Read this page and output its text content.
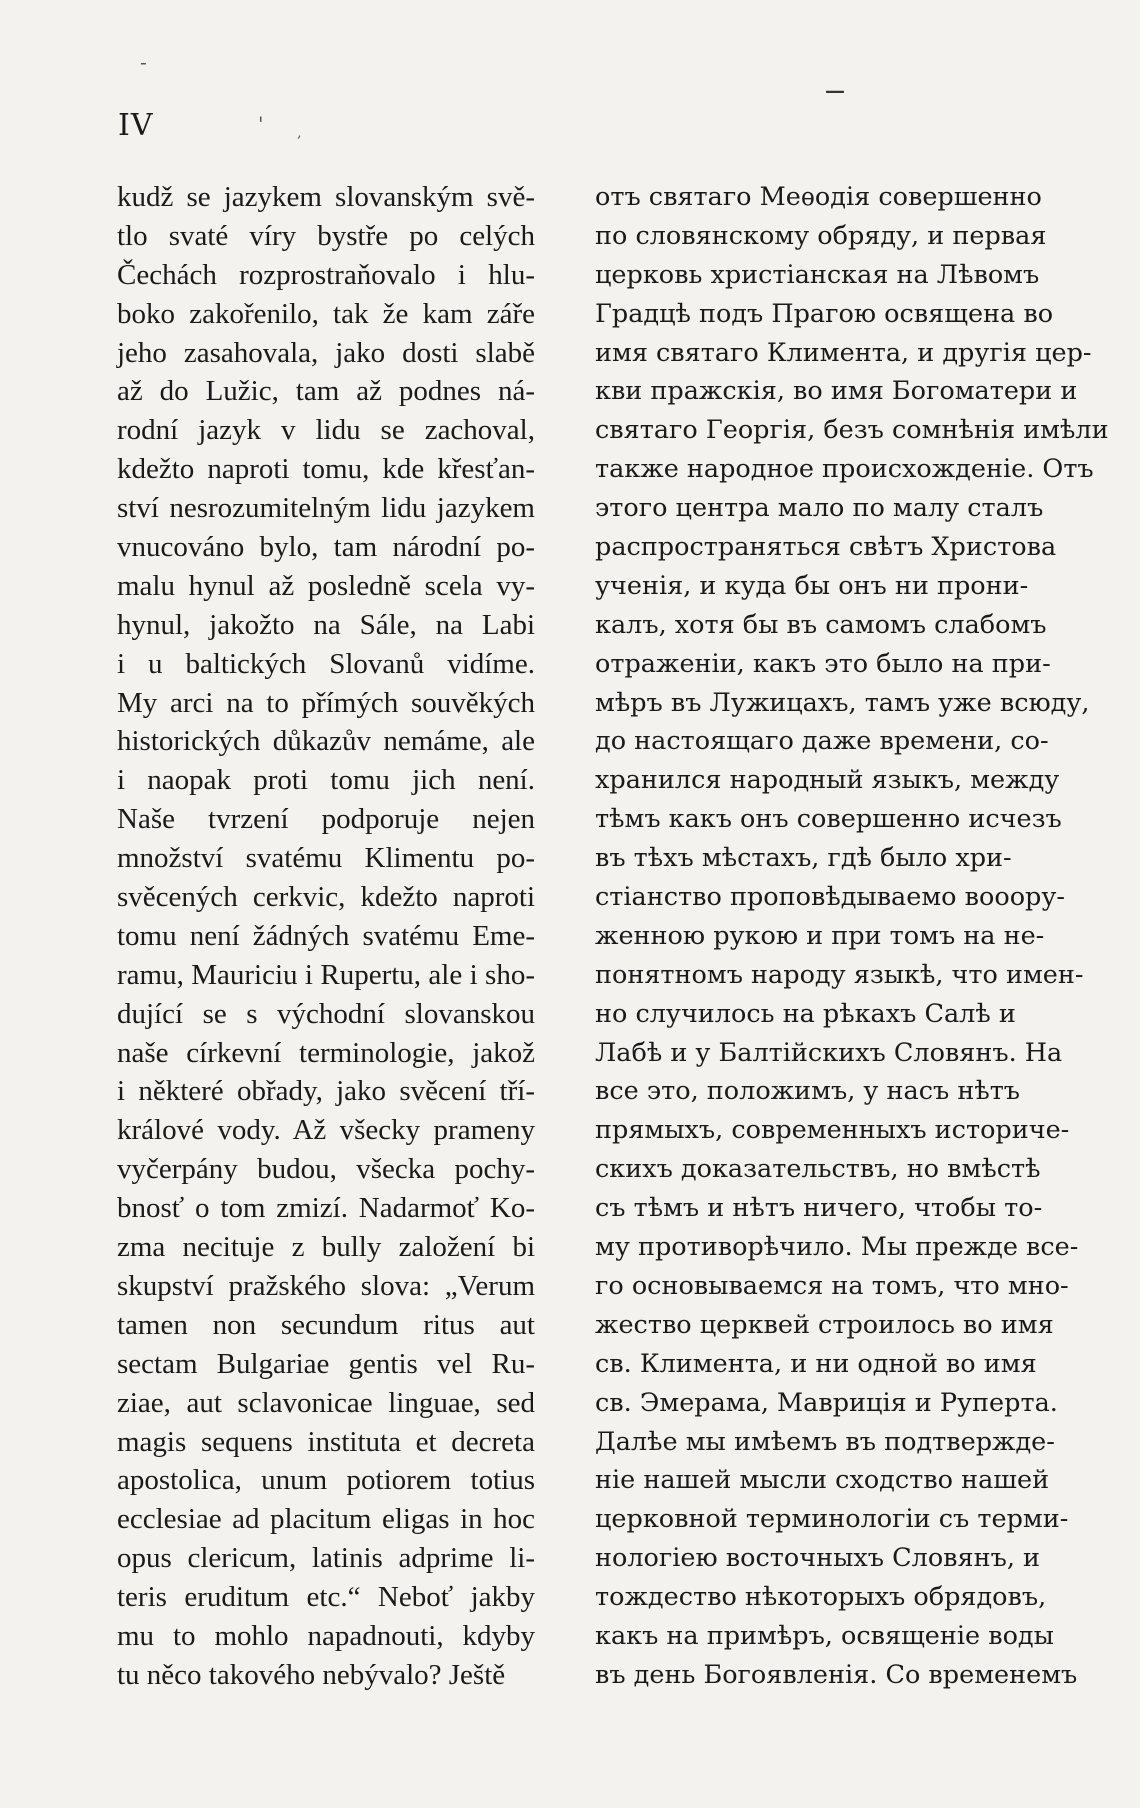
-
—
' ‚
IV
kudž se jazykem slovanským svě-
tlo svaté víry bystře po celých
Čechách rozprostraňovalo i hlu-
boko zakořenilo, tak že kam záře
jeho zasahovala, jako dosti slabě
až do Lužic, tam až podnes ná-
rodní jazyk v lidu se zachoval,
kdežto naproti tomu, kde křesťan-
ství nesrozumitelným lidu jazykem
vnucováno bylo, tam národní po-
malu hynul až posledně scela vy-
hynul, jakožto na Sále, na Labi
i u baltických Slovanů vidíme.
My arci na to přímých souvěkých
historických důkazův nemáme, ale
i naopak proti tomu jich není.
Naše tvrzení podporuje nejen
množství svatému Klimentu po-
svěcených cerkvic, kdežto naproti
tomu není žádných svatému Eme-
ramu, Mauriciu i Rupertu, ale i sho-
dující se s východní slovanskou
naše církevní terminologie, jakož
i některé obřady, jako svěcení tří-
králové vody. Až všecky prameny
vyčerpány budou, všecka pochy-
bnosť o tom zmizí. Nadarmoť Ko-
zma necituje z bully založení bi
skupství pražského slova: „Verum
tamen non secundum ritus aut
sectam Bulgariae gentis vel Ru-
ziae, aut sclavonicae linguae, sed
magis sequens instituta et decreta
apostolica, unum potiorem totius
ecclesiae ad placitum eligas in hoc
opus clericum, latinis adprime li-
teris eruditum etc.“ Neboť jakby
mu to mohlo napadnouti, kdyby
tu něco takového nebývalo? Ještě
отъ святаго Меѳодія совершенно
по словянскому обряду, и первая
церковь христіанская на Лѣвомъ
Градцѣ подъ Прагою освящена во
имя святаго Климента, и другія цер-
кви пражскія, во имя Богоматери и
святаго Георгія, безъ сомнѣнія имѣли
также народное происхожденіе. Отъ
этого центра мало по малу сталъ
распространяться свѣтъ Христова
ученія, и куда бы онъ ни прони-
калъ, хотя бы въ самомъ слабомъ
отраженіи, какъ это было на при-
мѣръ въ Лужицахъ, тамъ уже всюду,
до настоящаго даже времени, со-
хранился народный языкъ, между
тѣмъ какъ онъ совершенно исчезъ
въ тѣхъ мѣстахъ, гдѣ было хри-
стіанство проповѣдываемо вооору-
женною рукою и при томъ на не-
понятномъ народу языкѣ, что имен-
но случилось на рѣкахъ Салѣ и
Лабѣ и у Балтійскихъ Словянъ. На
все это, положимъ, у насъ нѣтъ
прямыхъ, современныхъ историче-
скихъ доказательствъ, но вмѣстѣ
съ тѣмъ и нѣтъ ничего, чтобы то-
му противорѣчило. Мы прежде все-
го основываемся на томъ, что мно-
жество церквей строилось во имя
св. Климента, и ни одной во имя
св. Эмерама, Маврицiя и Руперта.
Далѣе мы имѣемъ въ подтвержде-
ніе нашей мысли сходство нашей
церковной терминологіи съ терми-
нологіею восточныхъ Словянъ, и
тождество нѣкоторыхъ обрядовъ,
какъ на примѣръ, освященіе воды
въ день Богоявленія. Со временемъ
